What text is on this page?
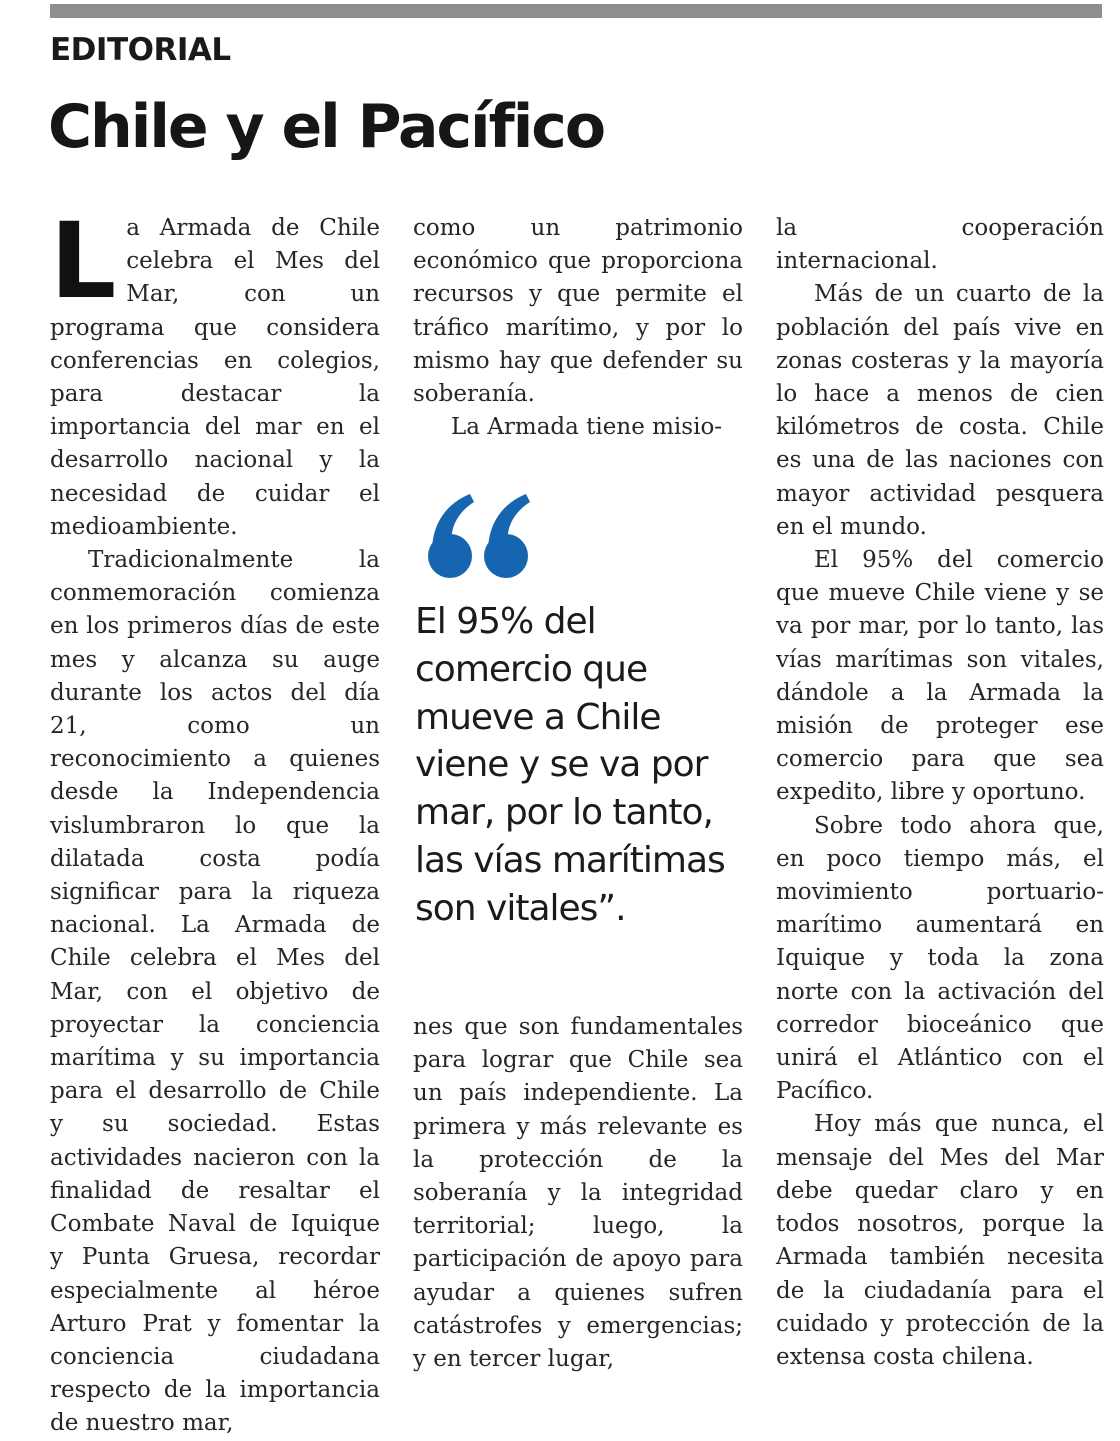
EDITORIAL
Chile y el Pacífico

La Armada de Chile celebra el Mes del Mar, con un programa que considera conferencias en colegios, para destacar la importancia del mar en el desarrollo nacional y la necesidad de cuidar el medioambiente.

Tradicionalmente la conmemoración comienza en los primeros días de este mes y alcanza su auge durante los actos del día 21, como un reconocimiento a quienes desde la Independencia vislumbraron lo que la dilatada costa podía significar para la riqueza nacional. La Armada de Chile celebra el Mes del Mar, con el objetivo de proyectar la conciencia marítima y su importancia para el desarrollo de Chile y su sociedad. Estas actividades nacieron con la finalidad de resaltar el Combate Naval de Iquique y Punta Gruesa, recordar especialmente al héroe Arturo Prat y fomentar la conciencia ciudadana respecto de la importancia de nuestro mar,

como un patrimonio económico que proporciona recursos y que permite el tráfico marítimo, y por lo mismo hay que defender su soberanía.

La Armada tiene misio-

El 95% del comercio que mueve a Chile viene y se va por mar, por lo tanto, las vías marítimas son vitales”.

nes que son fundamentales para lograr que Chile sea un país independiente. La primera y más relevante es la protección de la soberanía y la integridad territorial; luego, la participación de apoyo para ayudar a quienes sufren catástrofes y emergencias; y en tercer lugar,

la cooperación internacional.

Más de un cuarto de la población del país vive en zonas costeras y la mayoría lo hace a menos de cien kilómetros de costa. Chile es una de las naciones con mayor actividad pesquera en el mundo.

El 95% del comercio que mueve Chile viene y se va por mar, por lo tanto, las vías marítimas son vitales, dándole a la Armada la misión de proteger ese comercio para que sea expedito, libre y oportuno.

Sobre todo ahora que, en poco tiempo más, el movimiento portuario-marítimo aumentará en Iquique y toda la zona norte con la activación del corredor bioceánico que unirá el Atlántico con el Pacífico.

Hoy más que nunca, el mensaje del Mes del Mar debe quedar claro y en todos nosotros, porque la Armada también necesita de la ciudadanía para el cuidado y protección de la extensa costa chilena.
